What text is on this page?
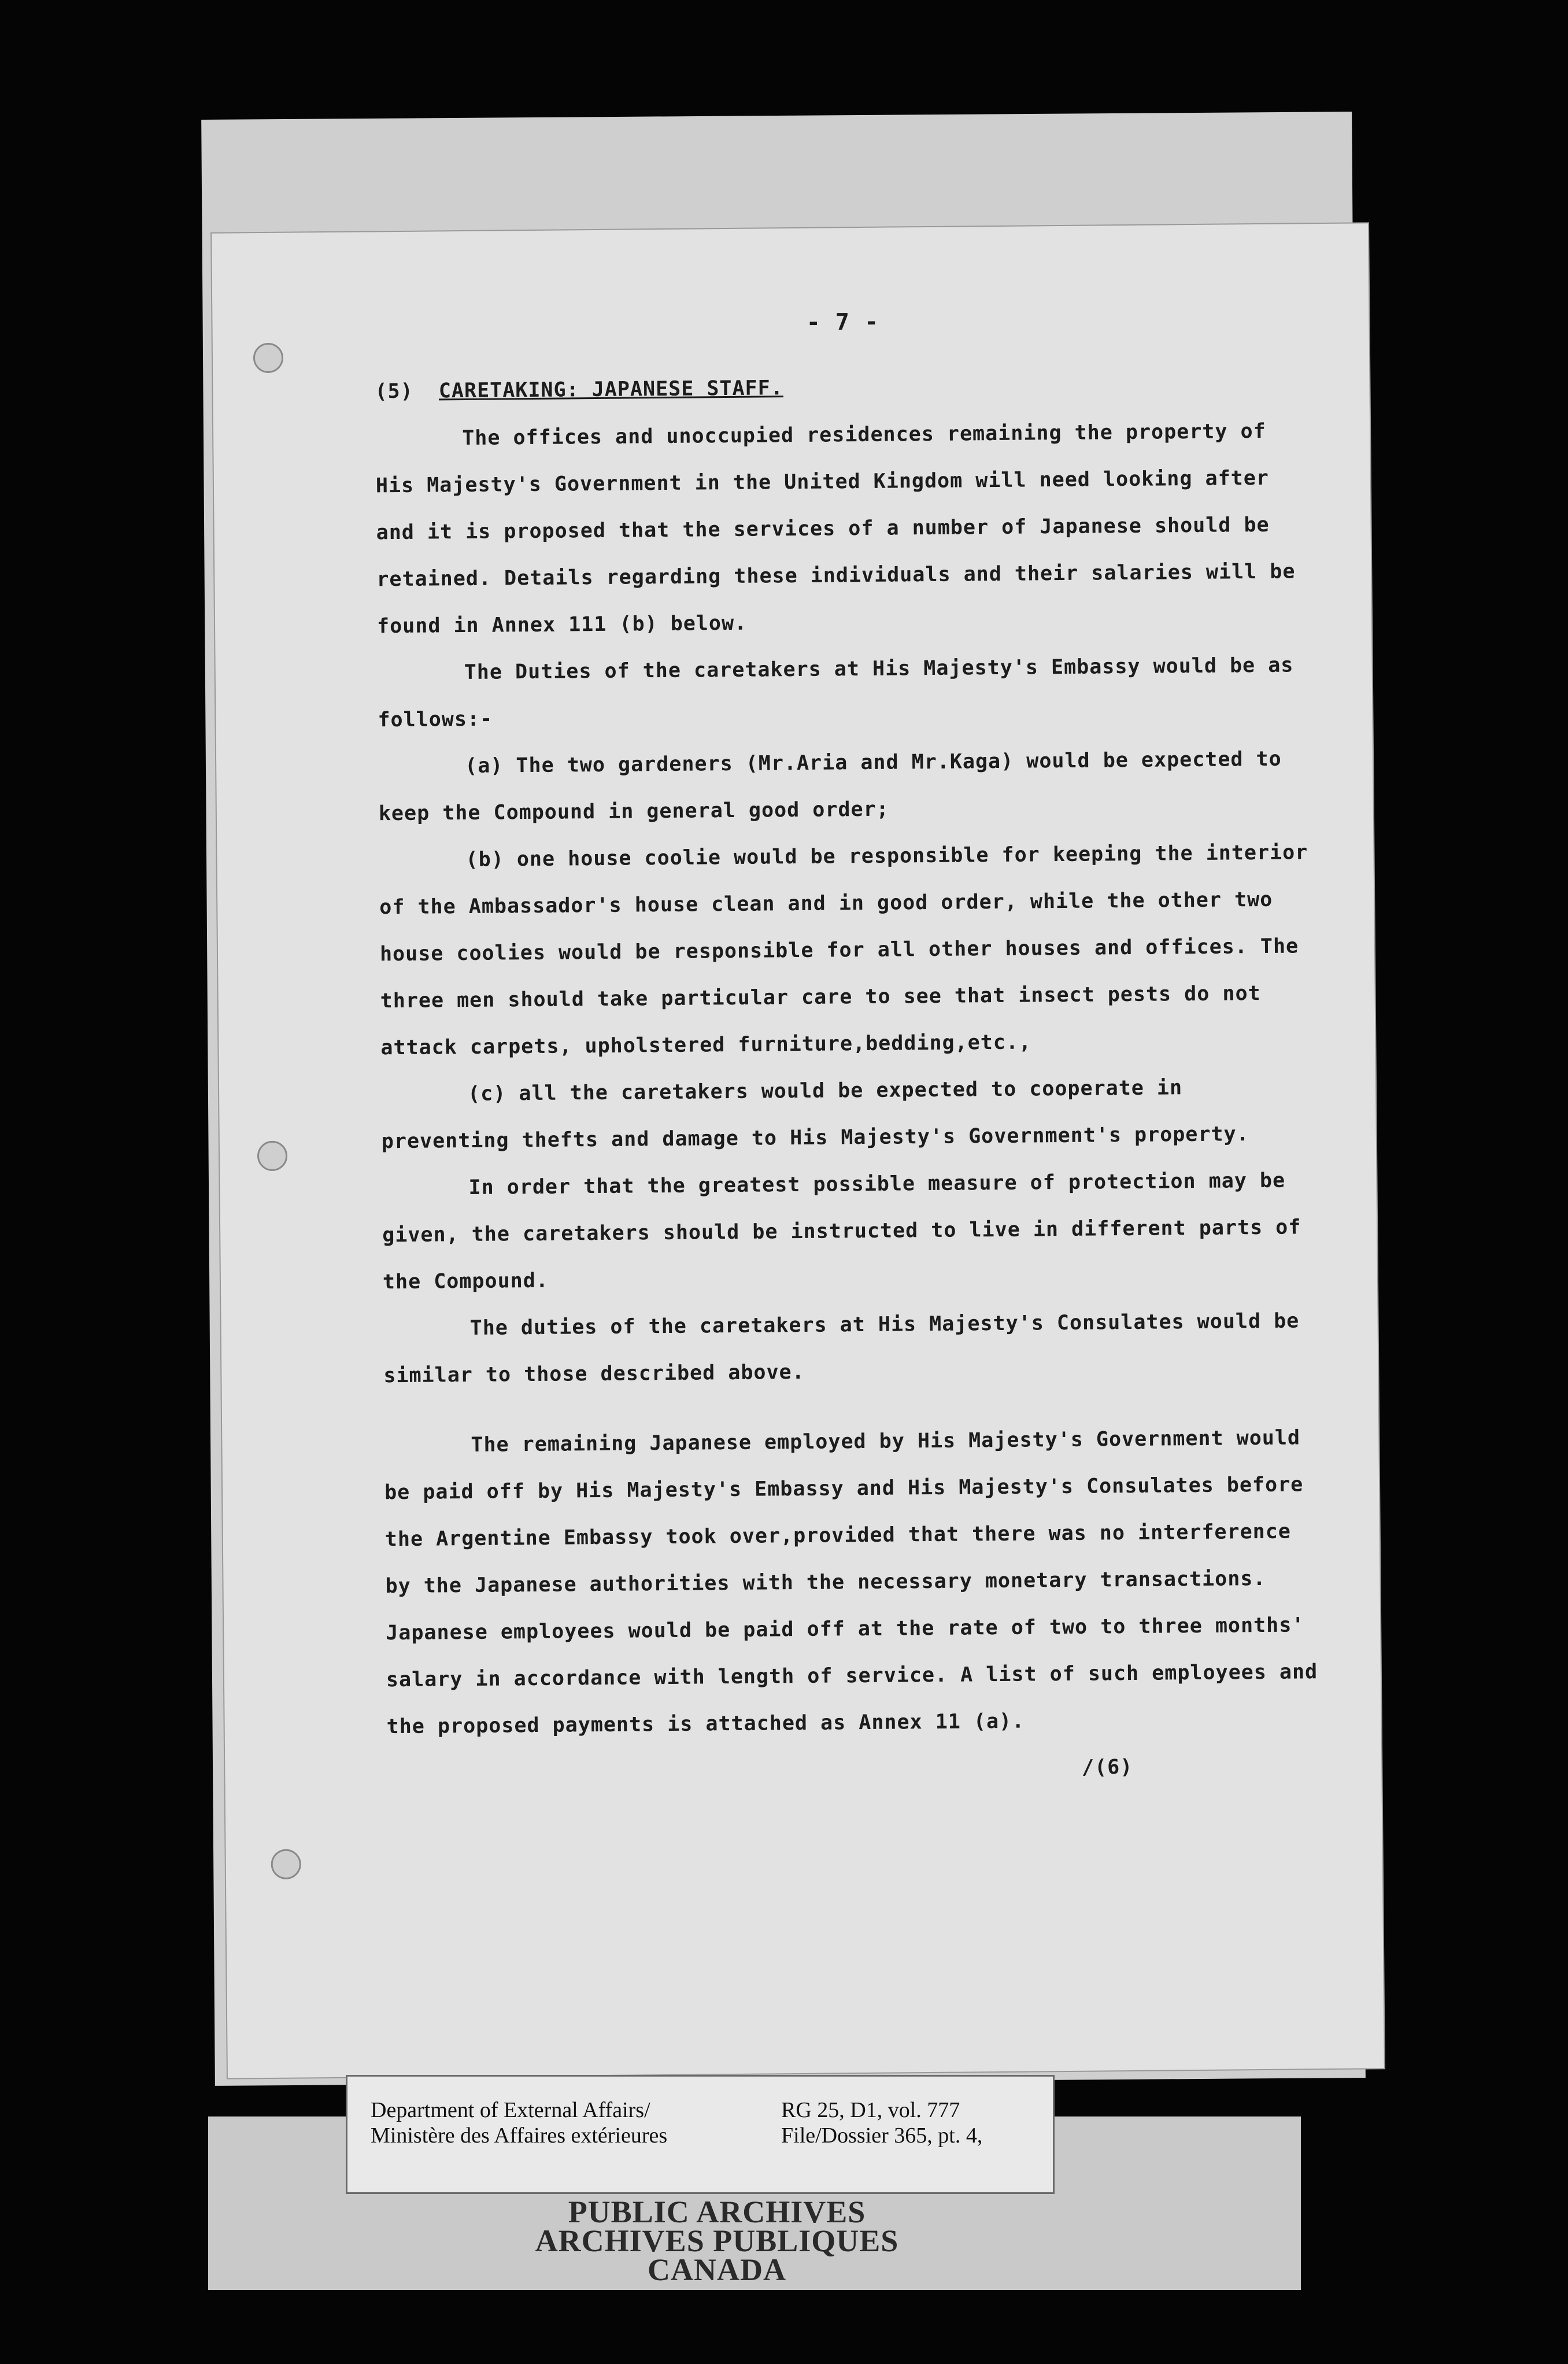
- 7 -
(5) CARETAKING: JAPANESE STAFF.

The offices and unoccupied residences remaining the property of His Majesty's Government in the United Kingdom will need looking after and it is proposed that the services of a number of Japanese should be retained. Details regarding these individuals and their salaries will be found in Annex 111 (b) below.

The Duties of the caretakers at His Majesty's Embassy would be as follows:-

(a) The two gardeners (Mr.Aria and Mr.Kaga) would be expected to keep the Compound in general good order;

(b) one house coolie would be responsible for keeping the interior of the Ambassador's house clean and in good order, while the other two house coolies would be responsible for all other houses and offices. The three men should take particular care to see that insect pests do not attack carpets, upholstered furniture,bedding,etc.,

(c) all the caretakers would be expected to cooperate in preventing thefts and damage to His Majesty's Government's property.

In order that the greatest possible measure of protection may be given, the caretakers should be instructed to live in different parts of the Compound.

The duties of the caretakers at His Majesty's Consulates would be similar to those described above.

The remaining Japanese employed by His Majesty's Government would be paid off by His Majesty's Embassy and His Majesty's Consulates before the Argentine Embassy took over,provided that there was no interference by the Japanese authorities with the necessary monetary transactions. Japanese employees would be paid off at the rate of two to three months' salary in accordance with length of service. A list of such employees and the proposed payments is attached as Annex 11 (a).

/(6)
Department of External Affairs/
Ministère des Affaires extérieures
RG 25, D1, vol. 777
File/Dossier 365, pt. 4,
PUBLIC ARCHIVES
ARCHIVES PUBLIQUES
CANADA
